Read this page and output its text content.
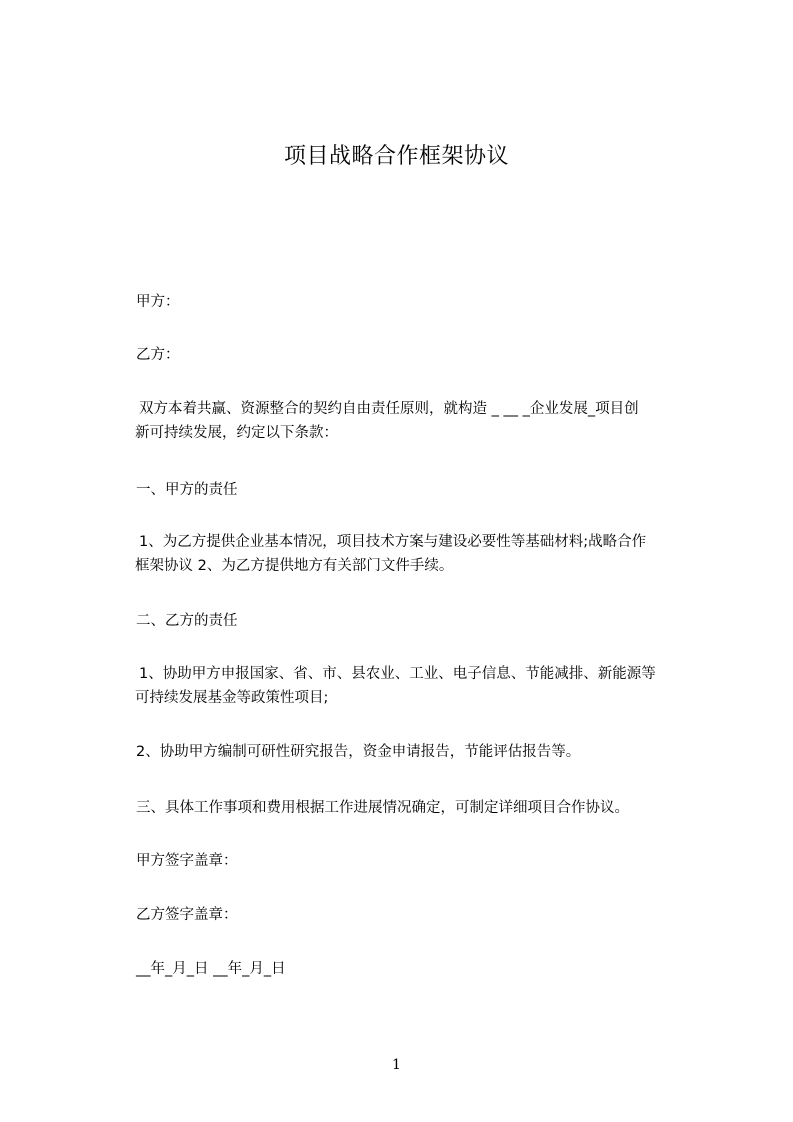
项目战略合作框架协议
甲方：
乙方：
双方本着共赢、资源整合的契约自由责任原则，就构造 _ __ _企业发展_项目创
新可持续发展，约定以下条款：
一、甲方的责任
1、为乙方提供企业基本情况，项目技术方案与建设必要性等基础材料;战略合作
框架协议 2、为乙方提供地方有关部门文件手续。
二、乙方的责任
1、协助甲方申报国家、省、市、县农业、工业、电子信息、节能减排、新能源等
可持续发展基金等政策性项目;
2、协助甲方编制可研性研究报告，资金申请报告，节能评估报告等。
三、具体工作事项和费用根据工作进展情况确定，可制定详细项目合作协议。
甲方签字盖章：
乙方签字盖章：
__年_月_日 __年_月_日
1
